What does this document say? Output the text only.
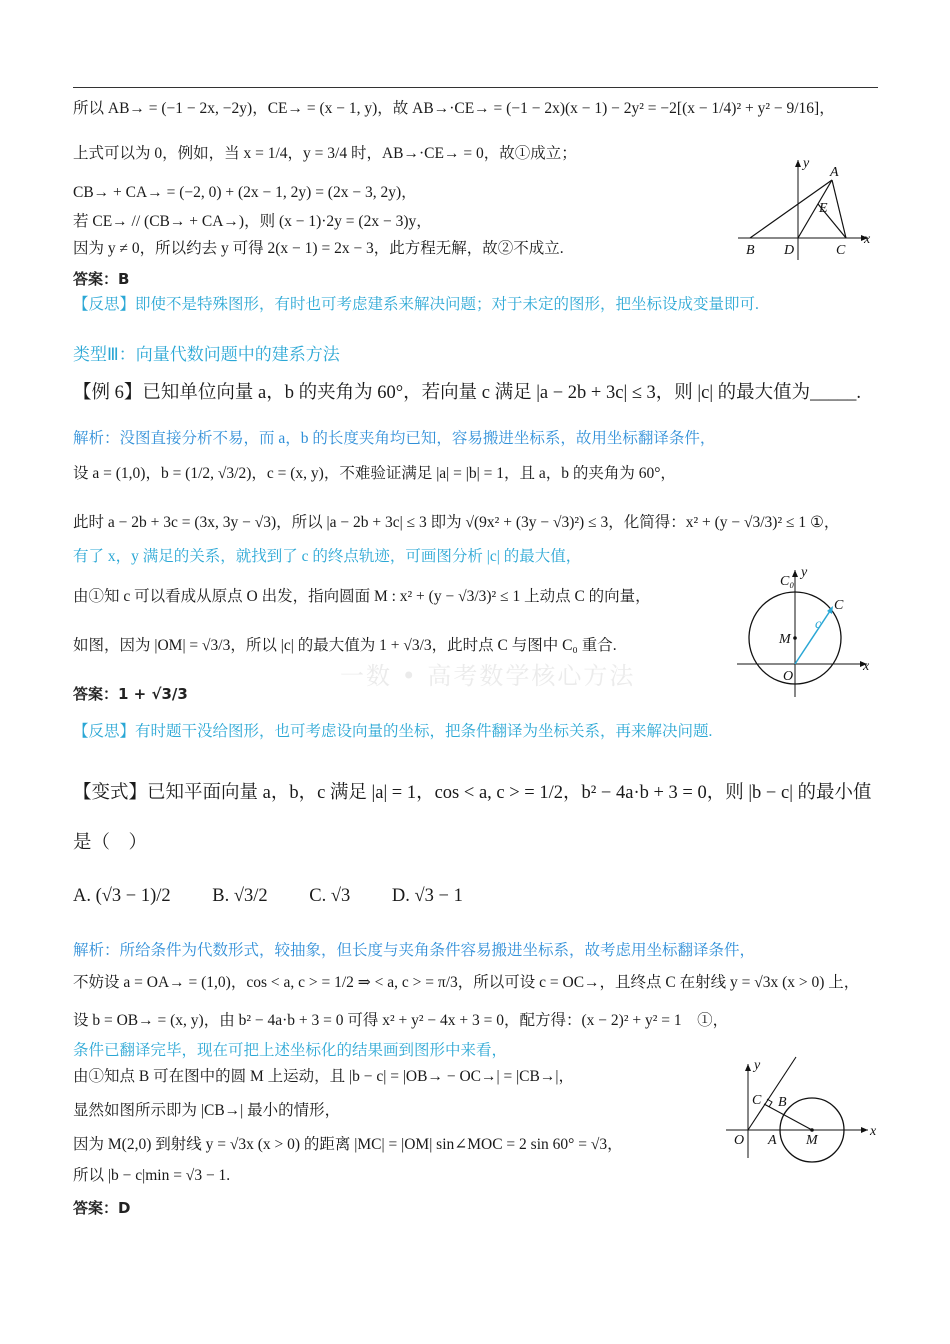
所以 AB→ = (−1 − 2x, −2y)，CE→ = (x − 1, y)，故 AB→·CE→ = (−1 − 2x)(x − 1) − 2y² = −2[(x − 1/4)² + y² − 9/16]，
上式可以为 0，例如，当 x = 1/4，y = 3/4 时，AB→·CE→ = 0，故①成立；
CB→ + CA→ = (−2, 0) + (2x − 1, 2y) = (2x − 3, 2y)，
若 CE→ // (CB→ + CA→)，则 (x − 1)·2y = (2x − 3)y，
因为 y ≠ 0，所以约去 y 可得 2(x − 1) = 2x − 3，此方程无解，故②不成立.
答案：B
【反思】即使不是特殊图形，有时也可考虑建系来解决问题；对于未定的图形，把坐标设成变量即可.
类型Ⅲ：向量代数问题中的建系方法
【例 6】已知单位向量 a，b 的夹角为 60°，若向量 c 满足 |a − 2b + 3c| ≤ 3，则 |c| 的最大值为_____.
解析：没图直接分析不易，而 a，b 的长度夹角均已知，容易搬进坐标系，故用坐标翻译条件，
设 a = (1,0)，b = (1/2, √3/2)，c = (x, y)，不难验证满足 |a| = |b| = 1，且 a，b 的夹角为 60°，
此时 a − 2b + 3c = (3x, 3y − √3)，所以 |a − 2b + 3c| ≤ 3 即为 √(9x² + (3y − √3)²) ≤ 3，化简得：x² + (y − √3/3)² ≤ 1 ①，
有了 x，y 满足的关系，就找到了 c 的终点轨迹，可画图分析 |c| 的最大值，
由①知 c 可以看成从原点 O 出发，指向圆面 M : x² + (y − √3/3)² ≤ 1 上动点 C 的向量，
如图，因为 |OM| = √3/3，所以 |c| 的最大值为 1 + √3/3，此时点 C 与图中 C₀ 重合.
答案：1 + √3/3
【反思】有时题干没给图形，也可考虑设向量的坐标，把条件翻译为坐标关系，再来解决问题.
【变式】已知平面向量 a，b，c 满足 |a| = 1，cos < a, c > = 1/2，b² − 4a·b + 3 = 0，则 |b − c| 的最小值
是（　）
A. (√3 − 1)/2　　 B. √3/2　　 C. √3　　 D. √3 − 1
解析：所给条件为代数形式，较抽象，但长度与夹角条件容易搬进坐标系，故考虑用坐标翻译条件，
不妨设 a = OA→ = (1,0)，cos < a, c > = 1/2 ⇒ < a, c > = π/3，所以可设 c = OC→，且终点 C 在射线 y = √3x (x > 0) 上，
设 b = OB→ = (x, y)，由 b² − 4a·b + 3 = 0 可得 x² + y² − 4x + 3 = 0，配方得：(x − 2)² + y² = 1　①，
条件已翻译完毕，现在可把上述坐标化的结果画到图形中来看，
由①知点 B 可在图中的圆 M 上运动，且 |b − c| = |OB→ − OC→| = |CB→|，
显然如图所示即为 |CB→| 最小的情形，
因为 M(2,0) 到射线 y = √3x (x > 0) 的距离 |MC| = |OM| sin∠MOC = 2 sin 60° = √3，
所以 |b − c|min = √3 − 1.
答案：D
一数 • 高考数学核心方法
y
A
E
x
B D	C
C₀
y
C
M
c
x
O
y
C B
x
O A M
